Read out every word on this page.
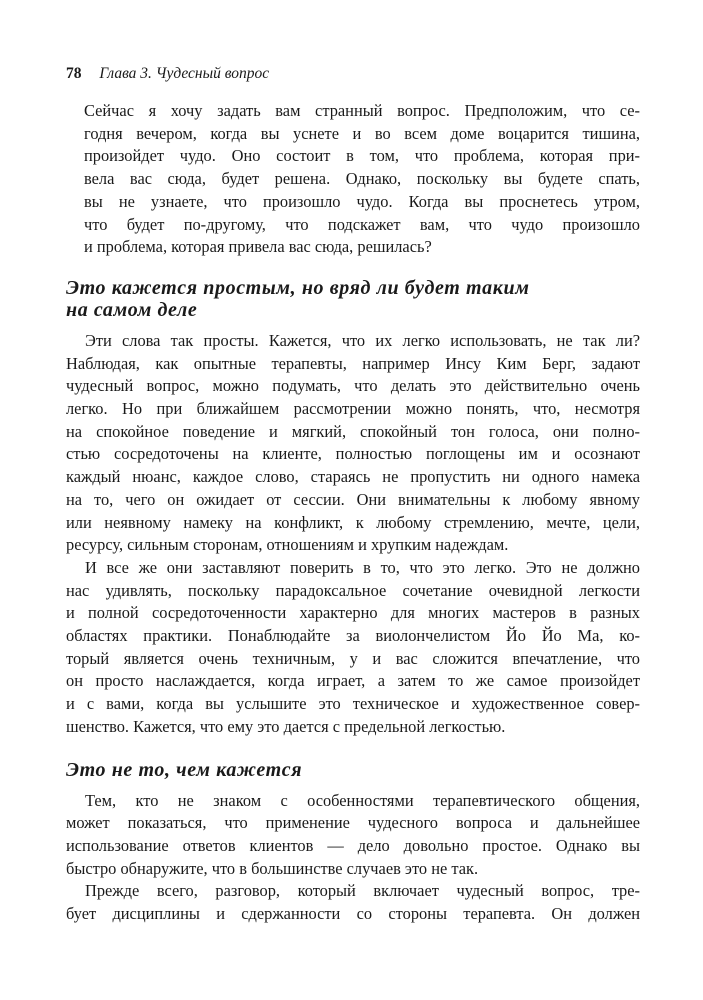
78 Глава 3. Чудесный вопрос
Сейчас я хочу задать вам странный вопрос. Предположим, что се-
годня вечером, когда вы уснете и во всем доме воцарится тишина,
произойдет чудо. Оно состоит в том, что проблема, которая при-
вела вас сюда, будет решена. Однако, поскольку вы будете спать,
вы не узнаете, что произошло чудо. Когда вы проснетесь утром,
что будет по-другому, что подскажет вам, что чудо произошло
и проблема, которая привела вас сюда, решилась?
Это кажется простым, но вряд ли будет таким
на самом деле
Эти слова так просты. Кажется, что их легко использовать, не так ли?
Наблюдая, как опытные терапевты, например Инсу Ким Берг, задают
чудесный вопрос, можно подумать, что делать это действительно очень
легко. Но при ближайшем рассмотрении можно понять, что, несмотря
на спокойное поведение и мягкий, спокойный тон голоса, они полно-
стью сосредоточены на клиенте, полностью поглощены им и осознают
каждый нюанс, каждое слово, стараясь не пропустить ни одного намека
на то, чего он ожидает от сессии. Они внимательны к любому явному
или неявному намеку на конфликт, к любому стремлению, мечте, цели,
ресурсу, сильным сторонам, отношениям и хрупким надеждам.
И все же они заставляют поверить в то, что это легко. Это не должно
нас удивлять, поскольку парадоксальное сочетание очевидной легкости
и полной сосредоточенности характерно для многих мастеров в разных
областях практики. Понаблюдайте за виолончелистом Йо Йо Ма, ко-
торый является очень техничным, у и вас сложится впечатление, что
он просто наслаждается, когда играет, а затем то же самое произойдет
и с вами, когда вы услышите это техническое и художественное совер-
шенство. Кажется, что ему это дается с предельной легкостью.
Это не то, чем кажется
Тем, кто не знаком с особенностями терапевтического общения,
может показаться, что применение чудесного вопроса и дальнейшее
использование ответов клиентов — дело довольно простое. Однако вы
быстро обнаружите, что в большинстве случаев это не так.
Прежде всего, разговор, который включает чудесный вопрос, тре-
бует дисциплины и сдержанности со стороны терапевта. Он должен
